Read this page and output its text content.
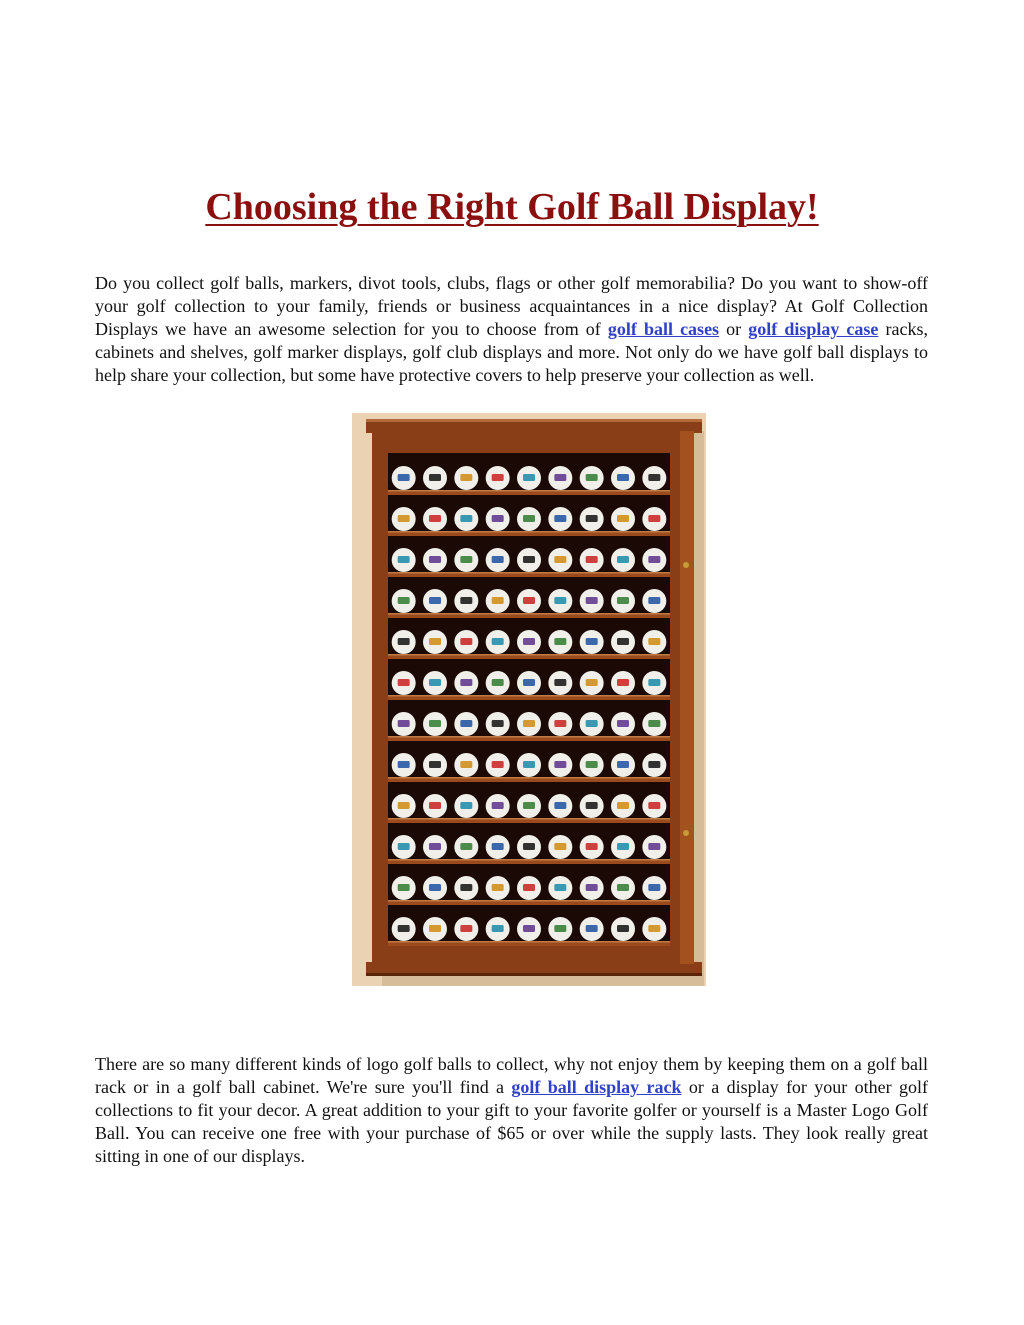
Choosing the Right Golf Ball Display!

Do you collect golf balls, markers, divot tools, clubs, flags or other golf memorabilia? Do you want to show-off your golf collection to your family, friends or business acquaintances in a nice display? At Golf Collection Displays we have an awesome selection for you to choose from of golf ball cases or golf display case racks, cabinets and shelves, golf marker displays, golf club displays and more. Not only do we have golf ball displays to help share your collection, but some have protective covers to help preserve your collection as well.

There are so many different kinds of logo golf balls to collect, why not enjoy them by keeping them on a golf ball rack or in a golf ball cabinet. We're sure you'll find a golf ball display rack or a display for your other golf collections to fit your decor. A great addition to your gift to your favorite golfer or yourself is a Master Logo Golf Ball. You can receive one free with your purchase of $65 or over while the supply lasts. They look really great sitting in one of our displays.
